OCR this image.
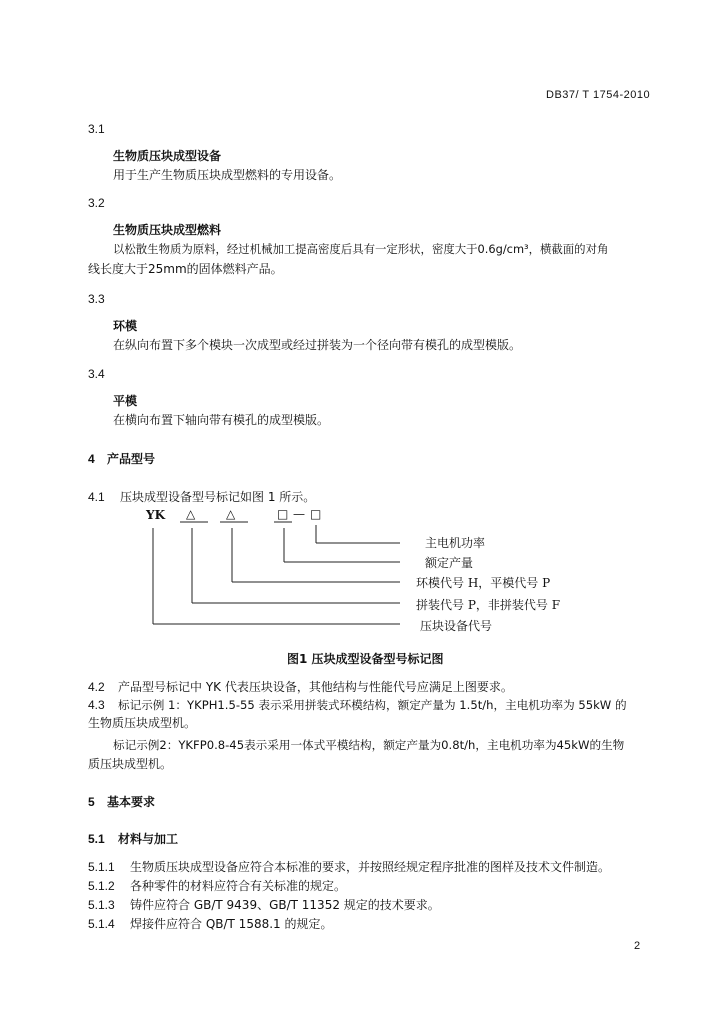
DB37/ T 1754-2010
3.1
生物质压块成型设备
用于生产生物质压块成型燃料的专用设备。
3.2
生物质压块成型燃料
以松散生物质为原料，经过机械加工提高密度后具有一定形状，密度大于0.6g/cm³，横截面的对角
线长度大于25mm的固体燃料产品。
3.3
环模
在纵向布置下多个模块一次成型或经过拼装为一个径向带有模孔的成型模版。
3.4
平模
在横向布置下轴向带有模孔的成型模版。
4 产品型号
4.1 压块成型设备型号标记如图 1 所示。
YK △	△	□ — □
主电机功率
额定产量
环模代号 H，平模代号 P
拼装代号 P，非拼装代号 F
压块设备代号
图1 压块成型设备型号标记图
4.2 产品型号标记中 YK 代表压块设备，其他结构与性能代号应满足上图要求。
4.3 标记示例 1：YKPH1.5-55 表示采用拼装式环模结构，额定产量为 1.5t/h，主电机功率为 55kW 的
生物质压块成型机。
标记示例2：YKFP0.8-45表示采用一体式平模结构，额定产量为0.8t/h，主电机功率为45kW的生物
质压块成型机。
5 基本要求
5.1 材料与加工
5.1.1 生物质压块成型设备应符合本标准的要求，并按照经规定程序批准的图样及技术文件制造。
5.1.2 各种零件的材料应符合有关标准的规定。
5.1.3 铸件应符合 GB/T 9439、GB/T 11352 规定的技术要求。
5.1.4 焊接件应符合 QB/T 1588.1 的规定。
2
